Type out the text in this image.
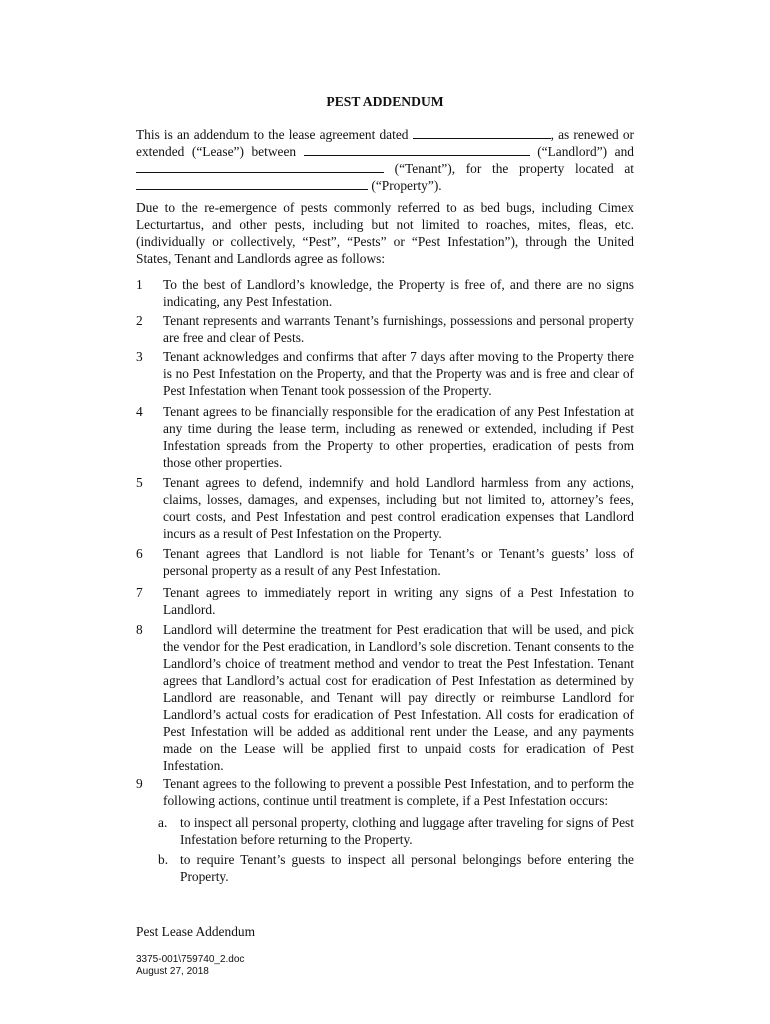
PEST ADDENDUM
This is an addendum to the lease agreement dated	, as renewed or
extended (“Lease”) between	(“Landlord”) and
(“Tenant”), for the property located at
(“Property”).
Due to the re-emergence of pests commonly referred to as bed bugs, including Cimex Lecturtartus, and other pests, including but not limited to roaches, mites, fleas, etc. (individually or collectively, “Pest”, “Pests” or “Pest Infestation”), through the United States, Tenant and Landlords agree as follows:
1	To the best of Landlord’s knowledge, the Property is free of, and there are no signs indicating, any Pest Infestation.
2	Tenant represents and warrants Tenant’s furnishings, possessions and personal property are free and clear of Pests.
3	Tenant acknowledges and confirms that after 7 days after moving to the Property there is no Pest Infestation on the Property, and that the Property was and is free and clear of Pest Infestation when Tenant took possession of the Property.
4	Tenant agrees to be financially responsible for the eradication of any Pest Infestation at any time during the lease term, including as renewed or extended, including if Pest Infestation spreads from the Property to other properties, eradication of pests from those other properties.
5	Tenant agrees to defend, indemnify and hold Landlord harmless from any actions, claims, losses, damages, and expenses, including but not limited to, attorney’s fees, court costs, and Pest Infestation and pest control eradication expenses that Landlord incurs as a result of Pest Infestation on the Property.
6	Tenant agrees that Landlord is not liable for Tenant’s or Tenant’s guests’ loss of personal property as a result of any Pest Infestation.
7	Tenant agrees to immediately report in writing any signs of a Pest Infestation to Landlord.
8	Landlord will determine the treatment for Pest eradication that will be used, and pick the vendor for the Pest eradication, in Landlord’s sole discretion. Tenant consents to the Landlord’s choice of treatment method and vendor to treat the Pest Infestation. Tenant agrees that Landlord’s actual cost for eradication of Pest Infestation as determined by Landlord are reasonable, and Tenant will pay directly or reimburse Landlord for Landlord’s actual costs for eradication of Pest Infestation. All costs for eradication of Pest Infestation will be added as additional rent under the Lease, and any payments made on the Lease will be applied first to unpaid costs for eradication of Pest Infestation.
9	Tenant agrees to the following to prevent a possible Pest Infestation, and to perform the following actions, continue until treatment is complete, if a Pest Infestation occurs:
a. to inspect all personal property, clothing and luggage after traveling for signs of Pest Infestation before returning to the Property.
b. to require Tenant’s guests to inspect all personal belongings before entering the Property.
Pest Lease Addendum
3375-001\759740_2.doc
August 27, 2018
